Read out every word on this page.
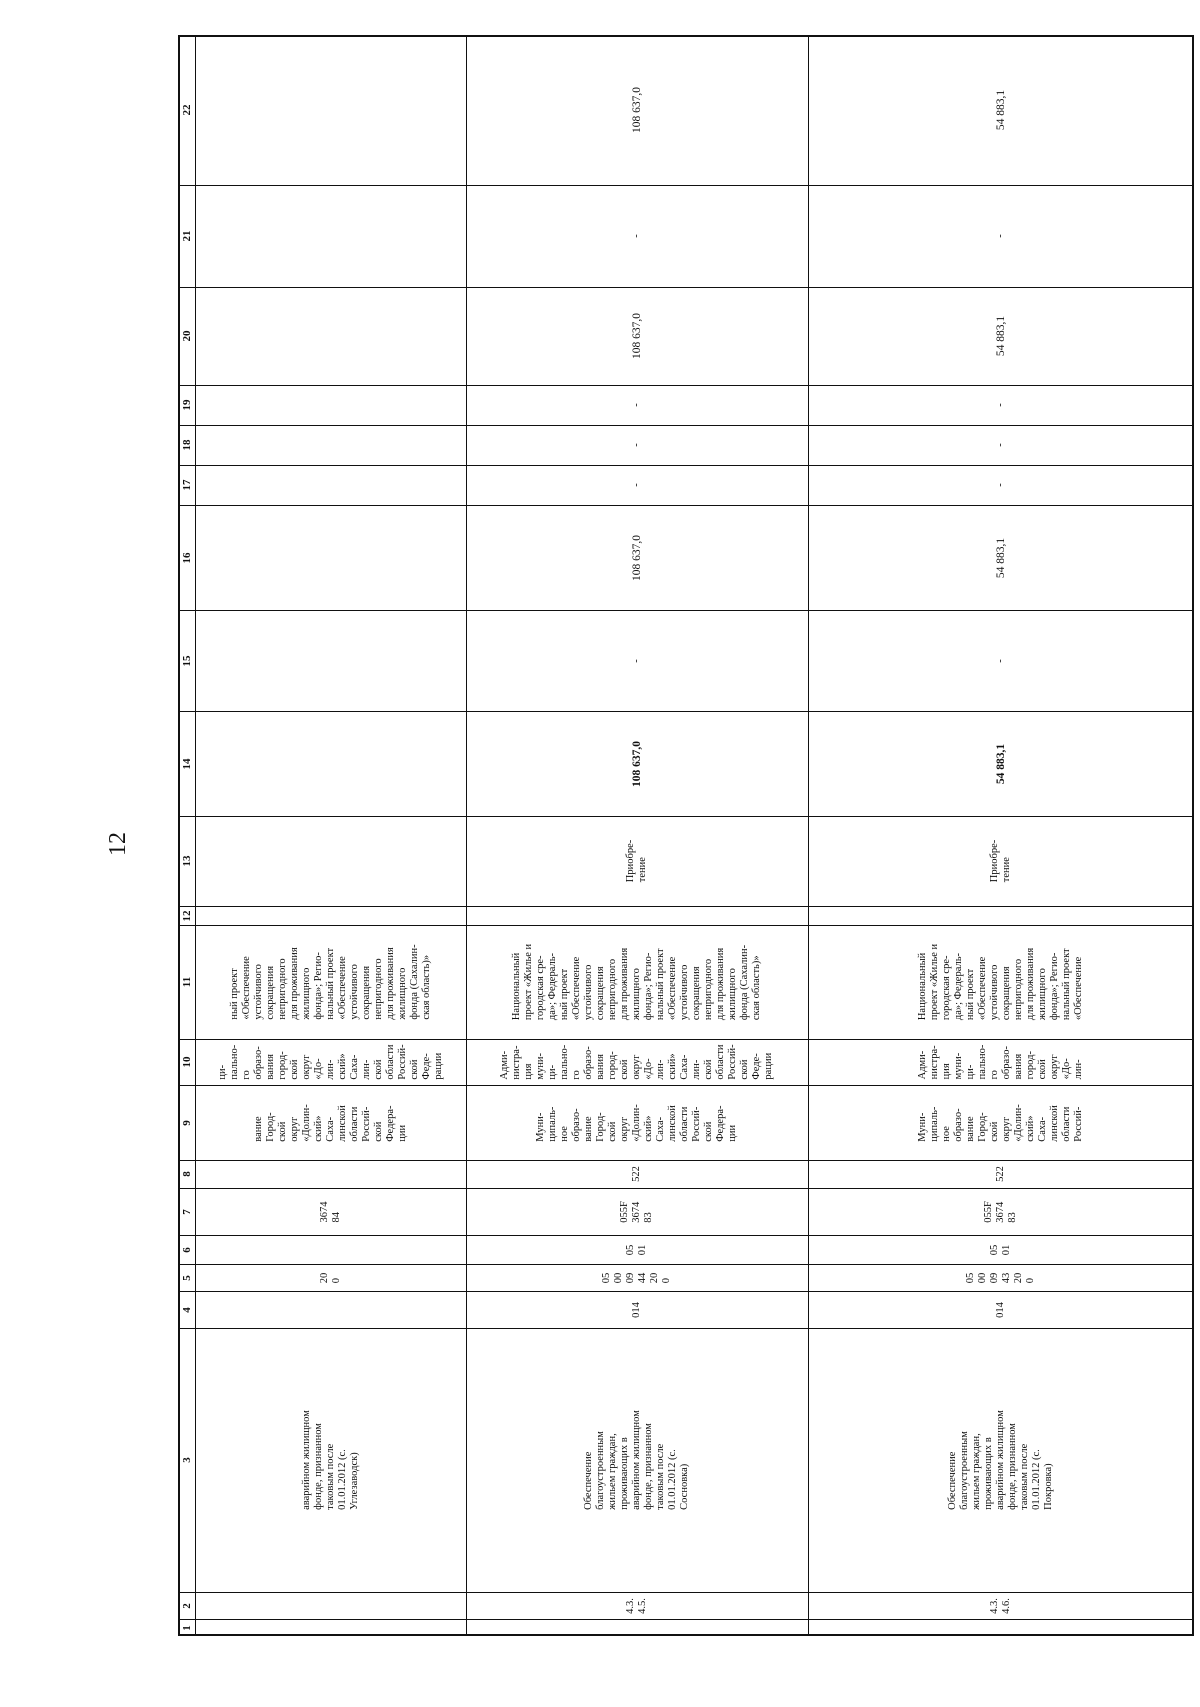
12
1
2
3
4
5
6
7
8
9
10
11
12
13
14
15
16
17
18
19
20
21
22
аварийном жилищном
фонде, признанном
таковым после
01.01.2012 (с.
Углезаводск)
20
0
3674
84
вание
Город-
ской
округ
«Долин-
ский»
Саха-
линской
области
Россий-
ской
Федера-
ции
ци-
пально-
го
образо-
вания
город-
ской
округ
«До-
лин-
ский»
Саха-
лин-
ской
области
Россий-
ской
Феде-
рации
ный проект
«Обеспечение
устойчивого
сокращения
непригодного
для проживания
жилищного
фонда»; Регио-
нальный проект
«Обеспечение
устойчивого
сокращения
непригодного
для проживания
жилищного
фонда (Сахалин-
ская область)»
4.3.
4.5.
Обеспечение
благоустроенным
жильем граждан,
проживающих в
аварийном жилищном
фонде, признанном
таковым после
01.01.2012 (с.
Сосновка)
014
05
00
09
44
20
0
05
01
055F
3674
83
522
Муни-
ципаль-
ное
образо-
вание
Город-
ской
округ
«Долин-
ский»
Саха-
линской
области
Россий-
ской
Федера-
ции
Адми-
нистра-
ция
муни-
ци-
пально-
го
образо-
вания
город-
ской
округ
«До-
лин-
ский»
Саха-
лин-
ской
области
Россий-
ской
Феде-
рации
Национальный
проект «Жилье и
городская сре-
да»; Федераль-
ный проект
«Обеспечение
устойчивого
сокращения
непригодного
для проживания
жилищного
фонда»; Регио-
нальный проект
«Обеспечение
устойчивого
сокращения
непригодного
для проживания
жилищного
фонда (Сахалин-
ская область)»
Приобре-
тение
108 637,0
-
108 637,0
-
-
-
108 637,0
-
108 637,0
4.3.
4.6.
Обеспечение
благоустроенным
жильем граждан,
проживающих в
аварийном жилищном
фонде, признанном
таковым после
01.01.2012 (с.
Покровка)
014
05
00
09
43
20
0
05
01
055F
3674
83
522
Муни-
ципаль-
ное
образо-
вание
Город-
ской
округ
«Долин-
ский»
Саха-
линской
области
Россий-
Адми-
нистра-
ция
муни-
ци-
пально-
го
образо-
вания
город-
ской
округ
«До-
лин-
Национальный
проект «Жилье и
городская сре-
да»; Федераль-
ный проект
«Обеспечение
устойчивого
сокращения
непригодного
для проживания
жилищного
фонда»; Регио-
нальный проект
«Обеспечение
Приобре-
тение
54 883,1
-
54 883,1
-
-
-
54 883,1
-
54 883,1
